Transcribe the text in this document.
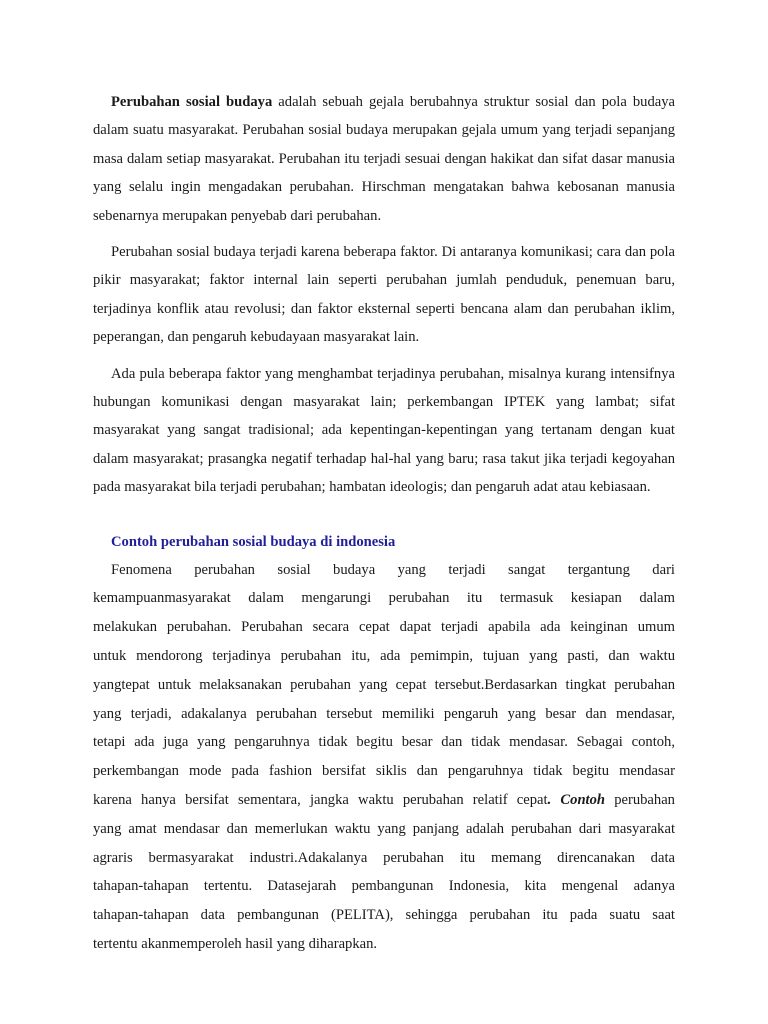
Perubahan sosial budaya adalah sebuah gejala berubahnya struktur sosial dan pola budaya dalam suatu masyarakat. Perubahan sosial budaya merupakan gejala umum yang terjadi sepanjang masa dalam setiap masyarakat. Perubahan itu terjadi sesuai dengan hakikat dan sifat dasar manusia yang selalu ingin mengadakan perubahan. Hirschman mengatakan bahwa kebosanan manusia sebenarnya merupakan penyebab dari perubahan.

Perubahan sosial budaya terjadi karena beberapa faktor. Di antaranya komunikasi; cara dan pola pikir masyarakat; faktor internal lain seperti perubahan jumlah penduduk, penemuan baru, terjadinya konflik atau revolusi; dan faktor eksternal seperti bencana alam dan perubahan iklim, peperangan, dan pengaruh kebudayaan masyarakat lain.

Ada pula beberapa faktor yang menghambat terjadinya perubahan, misalnya kurang intensifnya hubungan komunikasi dengan masyarakat lain; perkembangan IPTEK yang lambat; sifat masyarakat yang sangat tradisional; ada kepentingan-kepentingan yang tertanam dengan kuat dalam masyarakat; prasangka negatif terhadap hal-hal yang baru; rasa takut jika terjadi kegoyahan pada masyarakat bila terjadi perubahan; hambatan ideologis; dan pengaruh adat atau kebiasaan.

Contoh perubahan sosial budaya di indonesia

Fenomena perubahan sosial budaya yang terjadi sangat tergantung dari
kemampuanmasyarakat dalam mengarungi perubahan itu termasuk kesiapan dalam
melakukan perubahan. Perubahan secara cepat dapat terjadi apabila ada keinginan umum
untuk mendorong terjadinya perubahan itu, ada pemimpin, tujuan yang pasti, dan waktu
yangtepat untuk melaksanakan perubahan yang cepat tersebut.Berdasarkan tingkat perubahan
yang terjadi, adakalanya perubahan tersebut memiliki pengaruh yang besar dan mendasar,
tetapi ada juga yang pengaruhnya tidak begitu besar dan tidak mendasar. Sebagai contoh,
perkembangan mode pada fashion bersifat siklis dan pengaruhnya tidak begitu mendasar
karena hanya bersifat sementara, jangka waktu perubahan relatif cepat. Contoh perubahan
yang amat mendasar dan memerlukan waktu yang panjang adalah perubahan dari masyarakat
agraris bermasyarakat industri.Adakalanya perubahan itu memang direncanakan data
tahapan-tahapan tertentu. Datasejarah pembangunan Indonesia, kita mengenal adanya
tahapan-tahapan data pembangunan (PELITA), sehingga perubahan itu pada suatu saat
tertentu akanmemperoleh hasil yang diharapkan.
